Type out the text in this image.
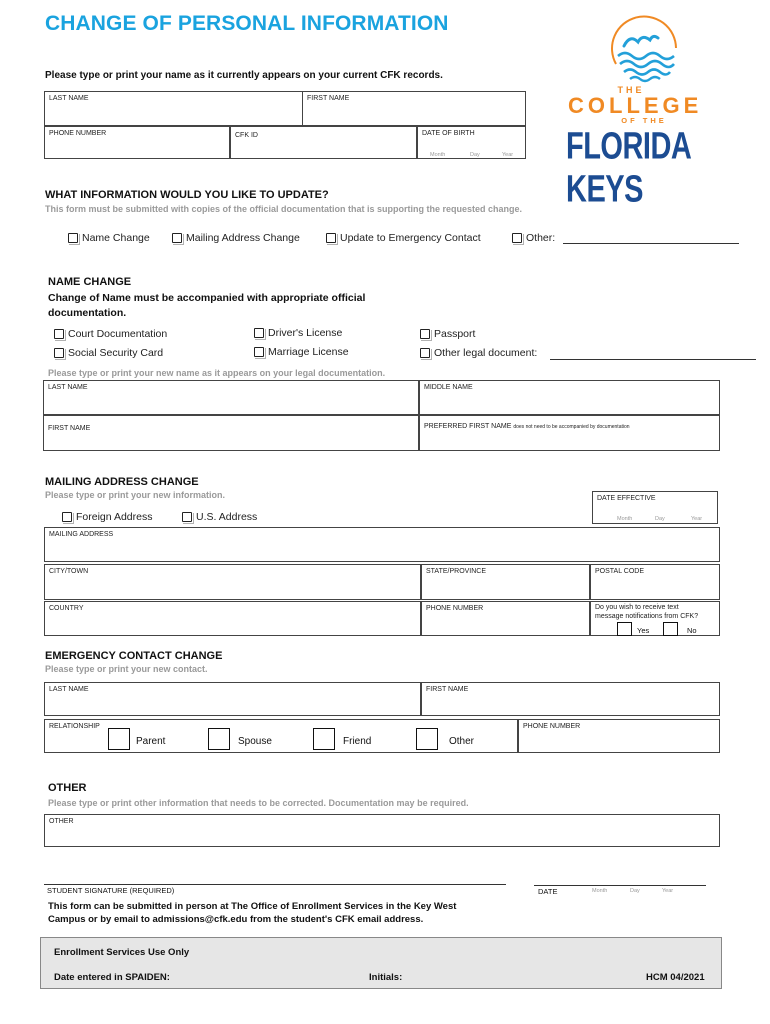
CHANGE OF PERSONAL INFORMATION
THE
COLLEGE
OF THE
FLORIDA KEYS
Please type or print your name as it currently appears on your current CFK records.
LAST NAME	FIRST NAME
PHONE NUMBER	CFK ID	DATE OF BIRTH
Month	Day	Year
WHAT INFORMATION WOULD YOU LIKE TO UPDATE?
This form must be submitted with copies of the official documentation that is supporting the requested change.
Name Change	Mailing Address Change	Update to Emergency Contact	Other:
NAME CHANGE
Change of Name must be accompanied with appropriate official
documentation.
Court Documentation	Driver's License	Passport
Social Security Card	Marriage License	Other legal document:
Please type or print your new name as it appears on your legal documentation.
LAST NAME	MIDDLE NAME
FIRST NAME	PREFERRED FIRST NAME does not need to be accompanied by documentation
MAILING ADDRESS CHANGE
Please type or print your new information.	DATE EFFECTIVE
Month	Day	Year
Foreign Address	U.S. Address
MAILING ADDRESS
CITY/TOWN	STATE/PROVINCE	POSTAL CODE
COUNTRY	PHONE NUMBER	Do you wish to receive text message notifications from CFK?
Yes	No
EMERGENCY CONTACT CHANGE
Please type or print your new contact.
LAST NAME	FIRST NAME
RELATIONSHIP	PHONE NUMBER
Parent	Spouse	Friend	Other
OTHER
Please type or print other information that needs to be corrected. Documentation may be required.
OTHER
STUDENT SIGNATURE (REQUIRED)	DATE	Month	Day	Year
This form can be submitted in person at The Office of Enrollment Services in the Key West
Campus or by email to admissions@cfk.edu from the student's CFK email address.
Enrollment Services Use Only
Date entered in SPAIDEN:	Initials:	HCM 04/2021
